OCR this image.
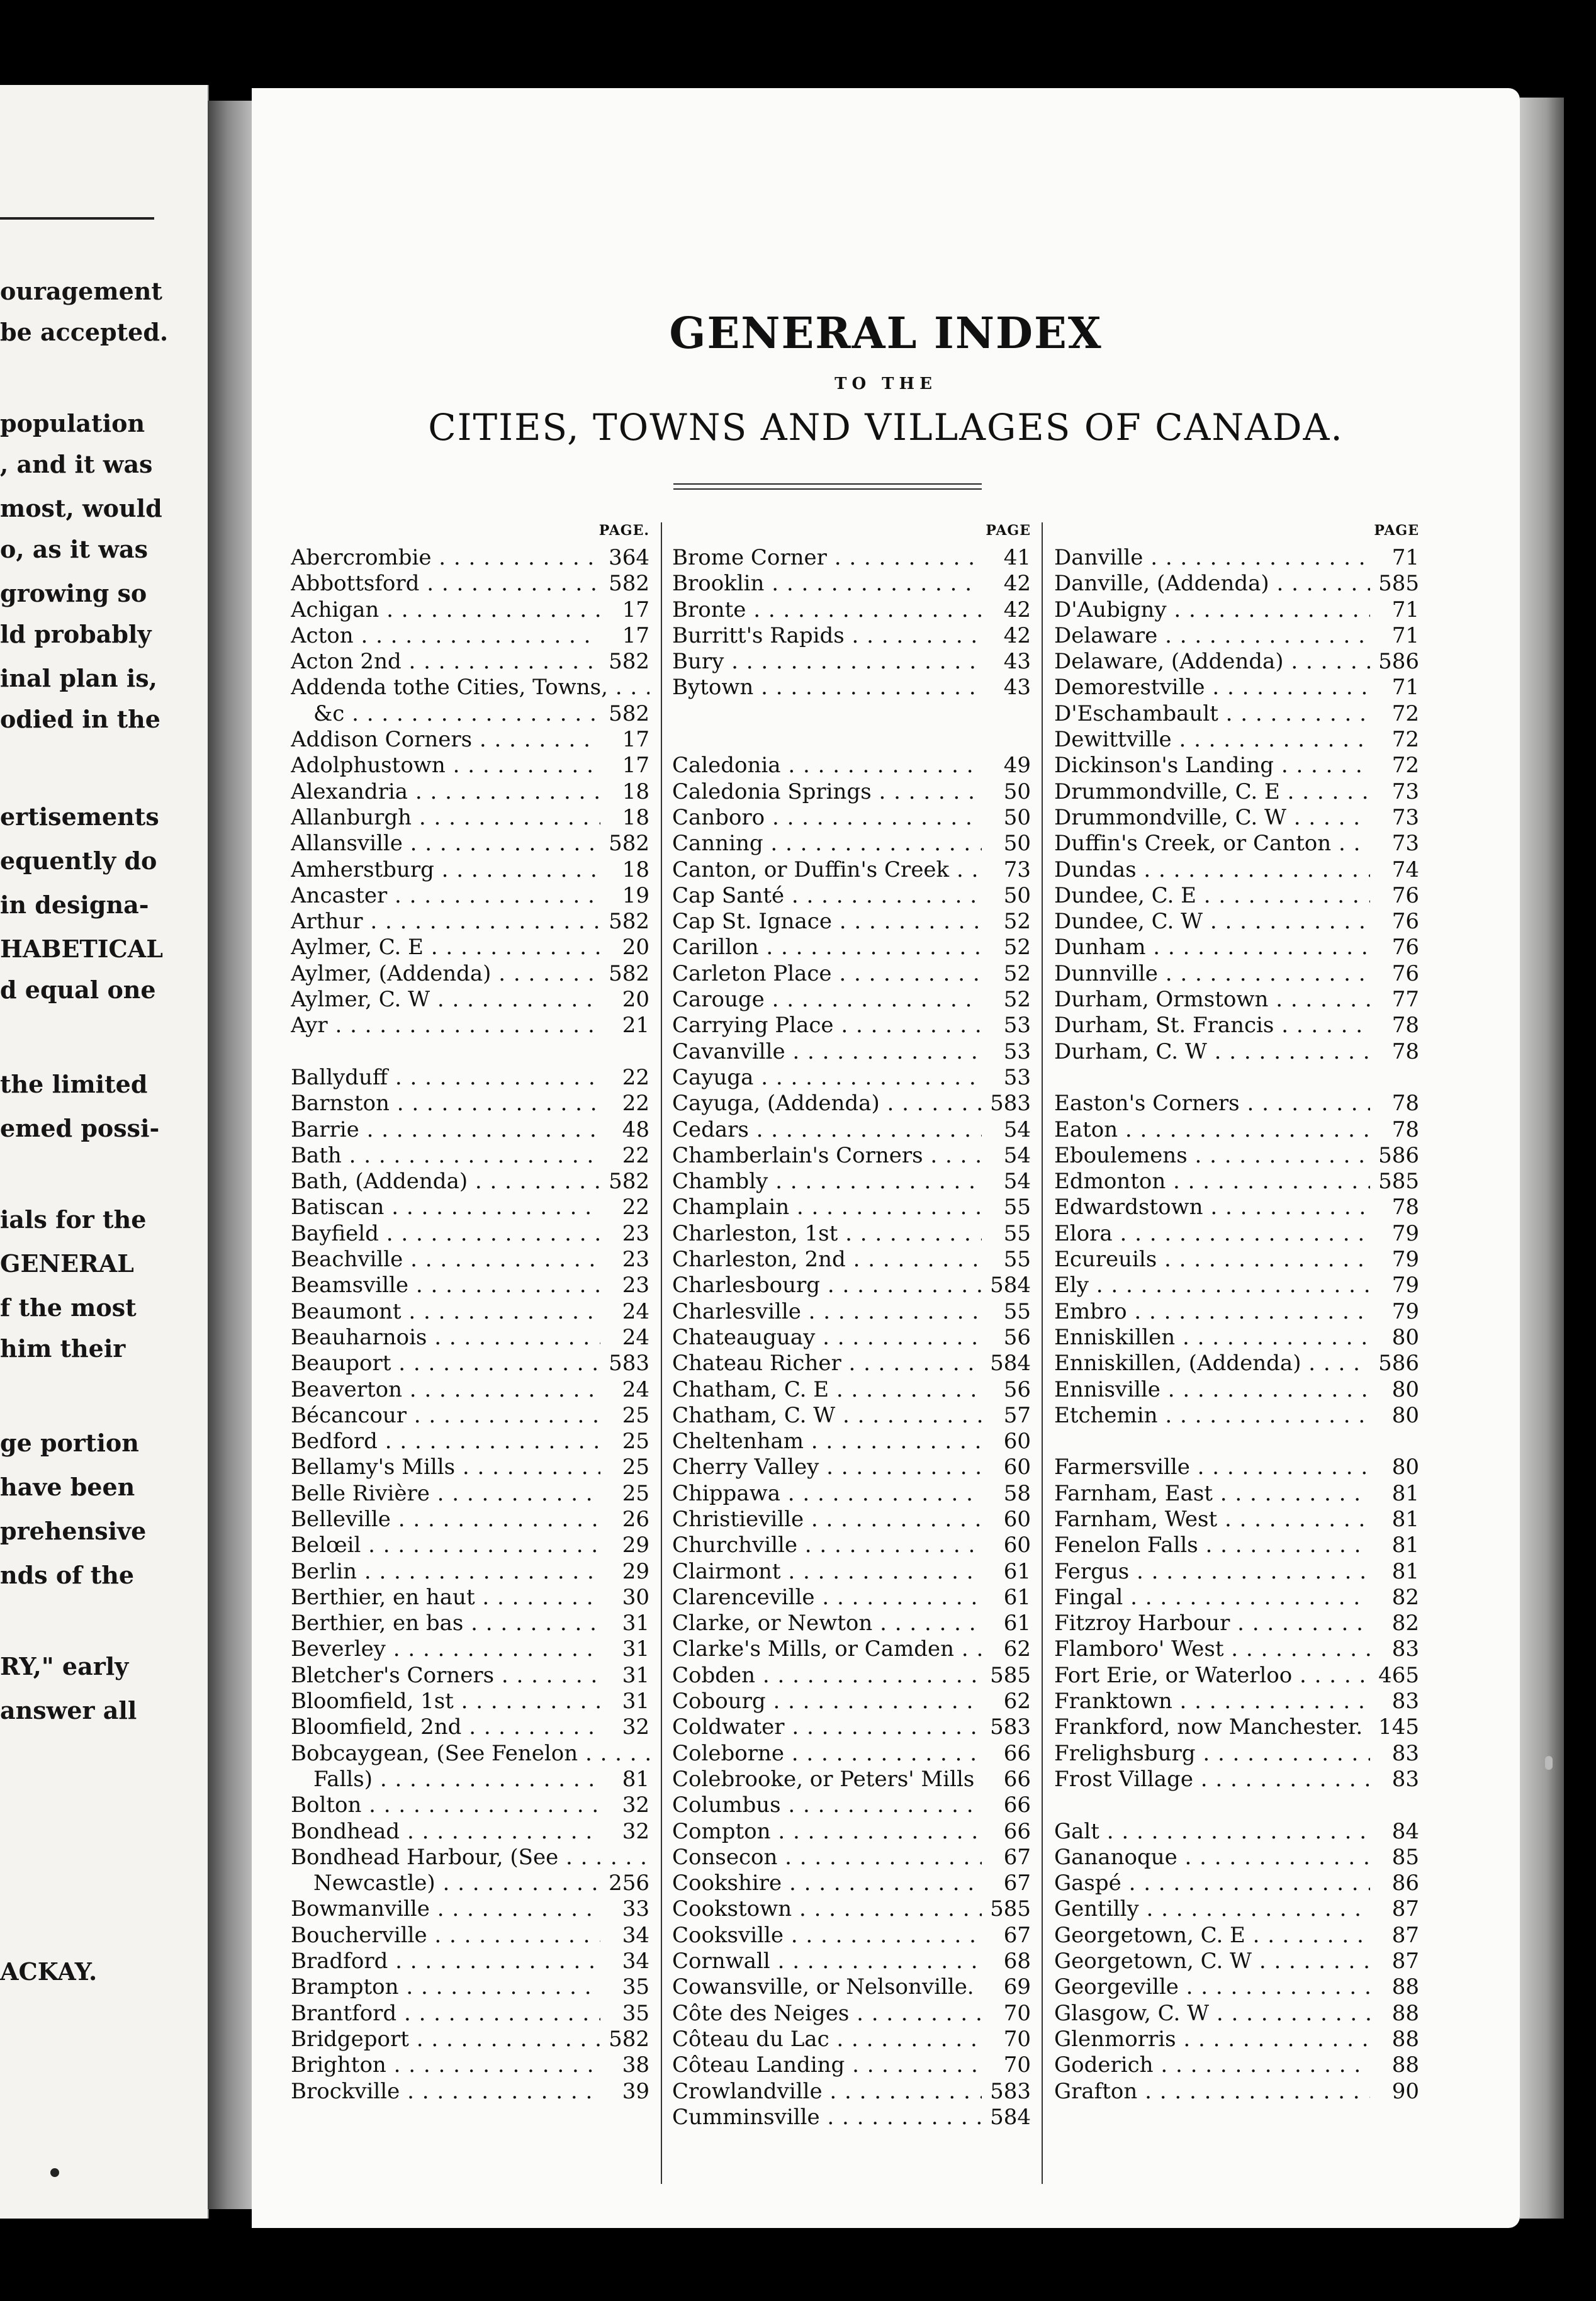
ouragement
be accepted.
population
, and it was
most, would
o, as it was
growing so
ld probably
inal plan is,
odied in the
ertisements
equently do
in designa-
HABETICAL
d equal one
the limited
emed possi-
ials for the
GENERAL
f the most
him their
ge portion
have been
prehensive
nds of the
RY," early
answer all
ACKAY.
GENERAL INDEX
TO THE
CITIES, TOWNS AND VILLAGES OF CANADA.
PAGE.
Abercrombie . . .	364
Abbottsford . . .	582
Achigan . . .	17
Acton . . .	17
Acton 2nd . . .	582
Addenda tothe Cities, Towns, . . .
&c . . .	582
Addison Corners . . .	17
Adolphustown . . .	17
Alexandria . . .	18
Allanburgh . . .	18
Allansville . . .	582
Amherstburg . . .	18
Ancaster . . .	19
Arthur . . .	582
Aylmer, C. E . . .	20
Aylmer, (Addenda) . . .	582
Aylmer, C. W . . .	20
Ayr . . .	21
Ballyduff . . .	22
Barnston . . .	22
Barrie . . .	48
Bath . . .	22
Bath, (Addenda) . . .	582
Batiscan . . .	22
Bayfield . . .	23
Beachville . . .	23
Beamsville . . .	23
Beaumont . . .	24
Beauharnois . . .	24
Beauport . . .	583
Beaverton . . .	24
Bécancour . . .	25
Bedford . . .	25
Bellamy's Mills . . .	25
Belle Rivière . . .	25
Belleville . . .	26
Belœil . . .	29
Berlin . . .	29
Berthier, en haut . . .	30
Berthier, en bas . . .	31
Beverley . . .	31
Bletcher's Corners . . .	31
Bloomfield, 1st . . .	31
Bloomfield, 2nd . . .	32
Bobcaygean, (See Fenelon . . .
Falls) . . .	81
Bolton . . .	32
Bondhead . . .	32
Bondhead Harbour, (See . . .
Newcastle) . . .	256
Bowmanville . . .	33
Boucherville . . .	34
Bradford . . .	34
Brampton . . .	35
Brantford . . .	35
Bridgeport . . .	582
Brighton . . .	38
Brockville . . .	39
PAGE
Brome Corner . . .	41
Brooklin . . .	42
Bronte . . .	42
Burritt's Rapids . . .	42
Bury . . .	43
Bytown . . .	43
Caledonia . . .	49
Caledonia Springs . . .	50
Canboro . . .	50
Canning . . .	50
Canton, or Duffin's Creek . . .	73
Cap Santé . . .	50
Cap St. Ignace . . .	52
Carillon . . .	52
Carleton Place . . .	52
Carouge . . .	52
Carrying Place . . .	53
Cavanville . . .	53
Cayuga . . .	53
Cayuga, (Addenda) . . .	583
Cedars . . .	54
Chamberlain's Corners . . .	54
Chambly . . .	54
Champlain . . .	55
Charleston, 1st . . .	55
Charleston, 2nd . . .	55
Charlesbourg . . .	584
Charlesville . . .	55
Chateauguay . . .	56
Chateau Richer . . .	584
Chatham, C. E . . .	56
Chatham, C. W . . .	57
Cheltenham . . .	60
Cherry Valley . . .	60
Chippawa . . .	58
Christieville . . .	60
Churchville . . .	60
Clairmont . . .	61
Clarenceville . . .	61
Clarke, or Newton . . .	61
Clarke's Mills, or Camden . . .	62
Cobden . . .	585
Cobourg . . .	62
Coldwater . . .	583
Coleborne . . .	66
Colebrooke, or Peters' Mills . . .	66
Columbus . . .	66
Compton . . .	66
Consecon . . .	67
Cookshire . . .	67
Cookstown . . .	585
Cooksville . . .	67
Cornwall . . .	68
Cowansville, or Nelsonville. . . .	69
Côte des Neiges . . .	70
Côteau du Lac . . .	70
Côteau Landing . . .	70
Crowlandville . . .	583
Cumminsville . . .	584
PAGE
Danville . . .	71
Danville, (Addenda) . . .	585
D'Aubigny . . .	71
Delaware . . .	71
Delaware, (Addenda) . . .	586
Demorestville . . .	71
D'Eschambault . . .	72
Dewittville . . .	72
Dickinson's Landing . . .	72
Drummondville, C. E . . .	73
Drummondville, C. W . . .	73
Duffin's Creek, or Canton . . .	73
Dundas . . .	74
Dundee, C. E . . .	76
Dundee, C. W . . .	76
Dunham . . .	76
Dunnville . . .	76
Durham, Ormstown . . .	77
Durham, St. Francis . . .	78
Durham, C. W . . .	78
Easton's Corners . . .	78
Eaton . . .	78
Eboulemens . . .	586
Edmonton . . .	585
Edwardstown . . .	78
Elora . . .	79
Ecureuils . . .	79
Ely . . .	79
Embro . . .	79
Enniskillen . . .	80
Enniskillen, (Addenda) . . .	586
Ennisville . . .	80
Etchemin . . .	80
Farmersville . . .	80
Farnham, East . . .	81
Farnham, West . . .	81
Fenelon Falls . . .	81
Fergus . . .	81
Fingal . . .	82
Fitzroy Harbour . . .	82
Flamboro' West . . .	83
Fort Erie, or Waterloo . . .	465
Franktown . . .	83
Frankford, now Manchester. . . . 145
Frelighsburg . . .	83
Frost Village . . .	83
Galt . . .	84
Gananoque . . .	85
Gaspé . . .	86
Gentilly . . .	87
Georgetown, C. E . . .	87
Georgetown, C. W . . .	87
Georgeville . . .	88
Glasgow, C. W . . .	88
Glenmorris . . .	88
Goderich . . .	88
Grafton . . .	90
